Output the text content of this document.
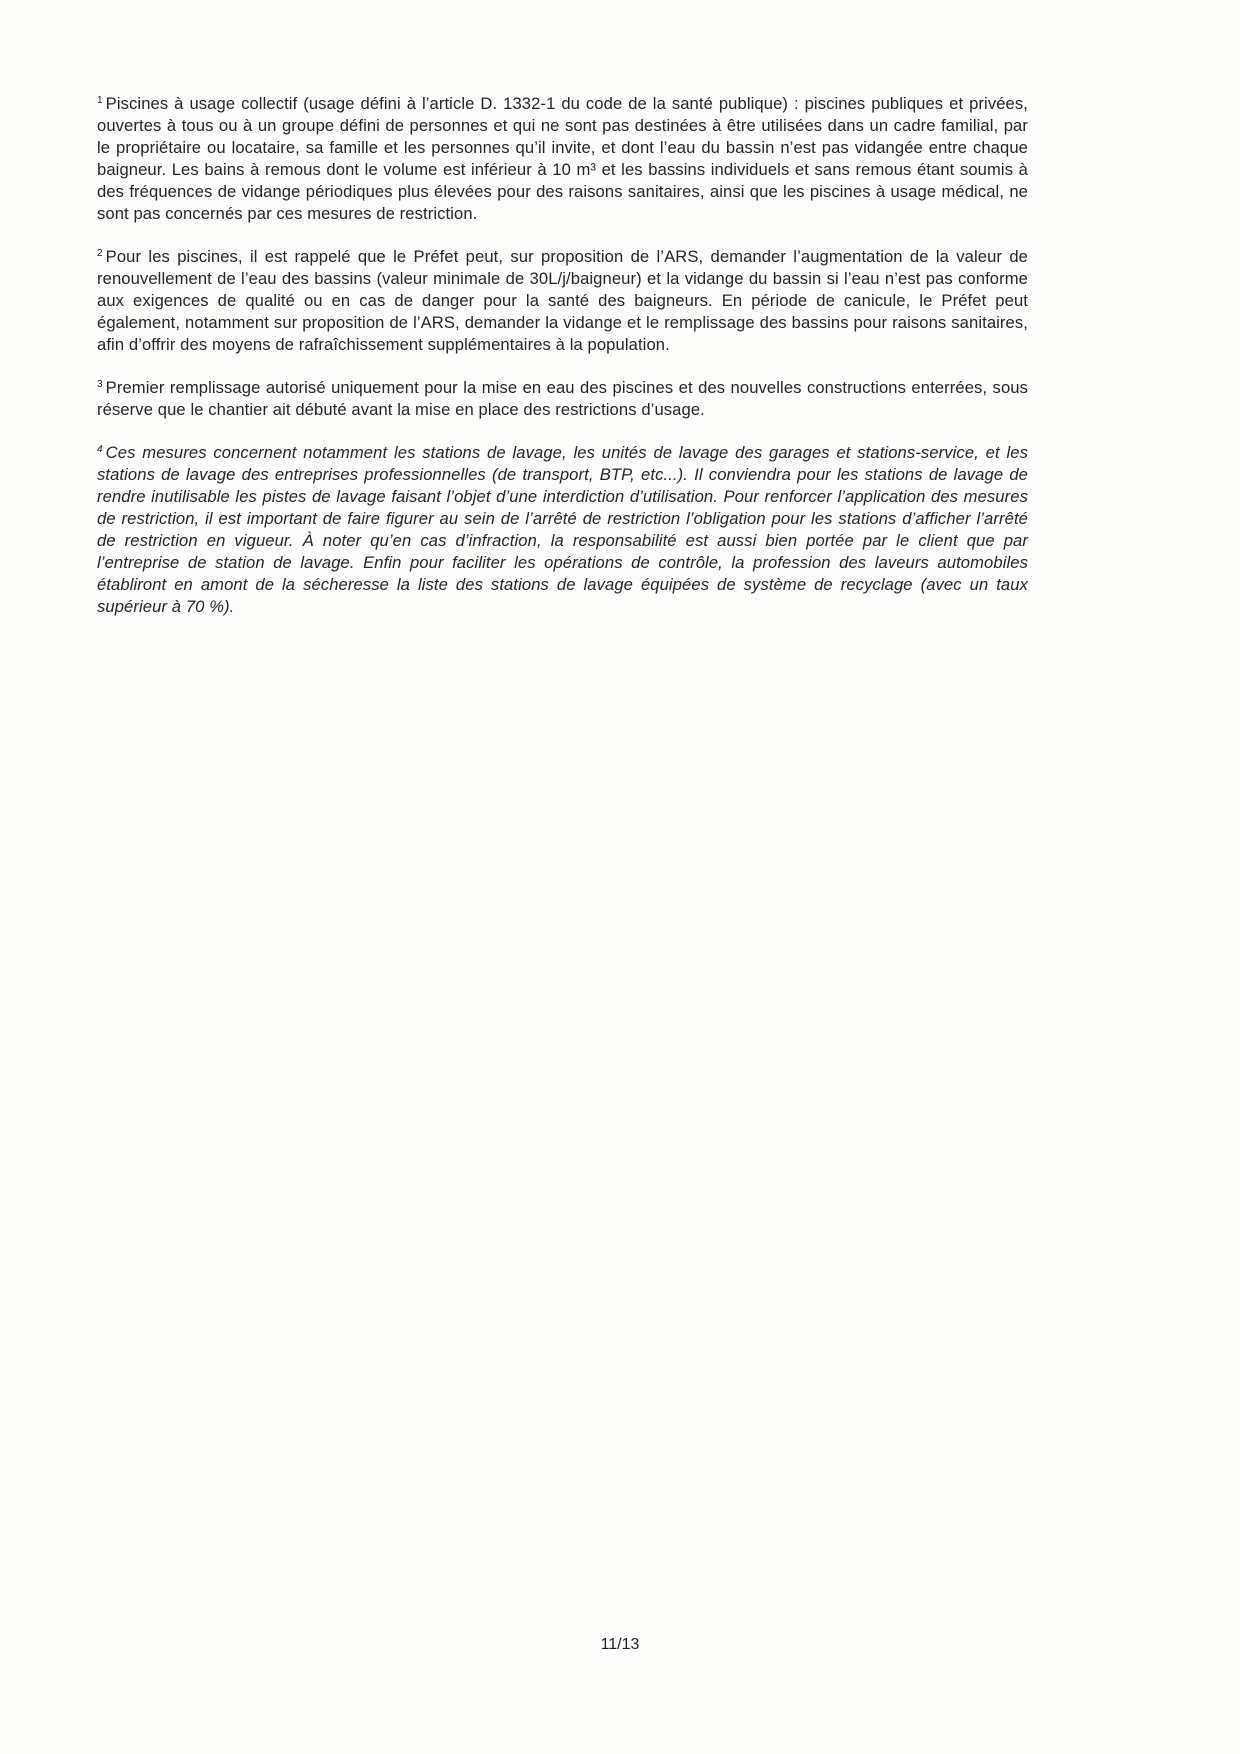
$^1$ Piscines à usage collectif (usage défini à l’article D. 1332-1 du code de la santé publique) : piscines publiques et privées, ouvertes à tous ou à un groupe défini de personnes et qui ne sont pas destinées à être utilisées dans un cadre familial, par le propriétaire ou locataire, sa famille et les personnes qu’il invite, et dont l’eau du bassin n’est pas vidangée entre chaque baigneur. Les bains à remous dont le volume est inférieur à 10 m³ et les bassins individuels et sans remous étant soumis à des fréquences de vidange périodiques plus élevées pour des raisons sanitaires, ainsi que les piscines à usage médical, ne sont pas concernés par ces mesures de restriction.

$^2$ Pour les piscines, il est rappelé que le Préfet peut, sur proposition de l’ARS, demander l’augmentation de la valeur de renouvellement de l’eau des bassins (valeur minimale de 30L/j/baigneur) et la vidange du bassin si l’eau n’est pas conforme aux exigences de qualité ou en cas de danger pour la santé des baigneurs. En période de canicule, le Préfet peut également, notamment sur proposition de l’ARS, demander la vidange et le remplissage des bassins pour raisons sanitaires, afin d’offrir des moyens de rafraîchissement supplémentaires à la population.

$^3$ Premier remplissage autorisé uniquement pour la mise en eau des piscines et des nouvelles constructions enterrées, sous réserve que le chantier ait débuté avant la mise en place des restrictions d’usage.

$^4$ Ces mesures concernent notamment les stations de lavage, les unités de lavage des garages et stations-service, et les stations de lavage des entreprises professionnelles (de transport, BTP, etc...). Il conviendra pour les stations de lavage de rendre inutilisable les pistes de lavage faisant l’objet d’une interdiction d’utilisation. Pour renforcer l’application des mesures de restriction, il est important de faire figurer au sein de l’arrêté de restriction l’obligation pour les stations d’afficher l’arrêté de restriction en vigueur. À noter qu’en cas d’infraction, la responsabilité est aussi bien portée par le client que par l’entreprise de station de lavage. Enfin pour faciliter les opérations de contrôle, la profession des laveurs automobiles établiront en amont de la sécheresse la liste des stations de lavage équipées de système de recyclage (avec un taux supérieur à 70 %).

11/13
